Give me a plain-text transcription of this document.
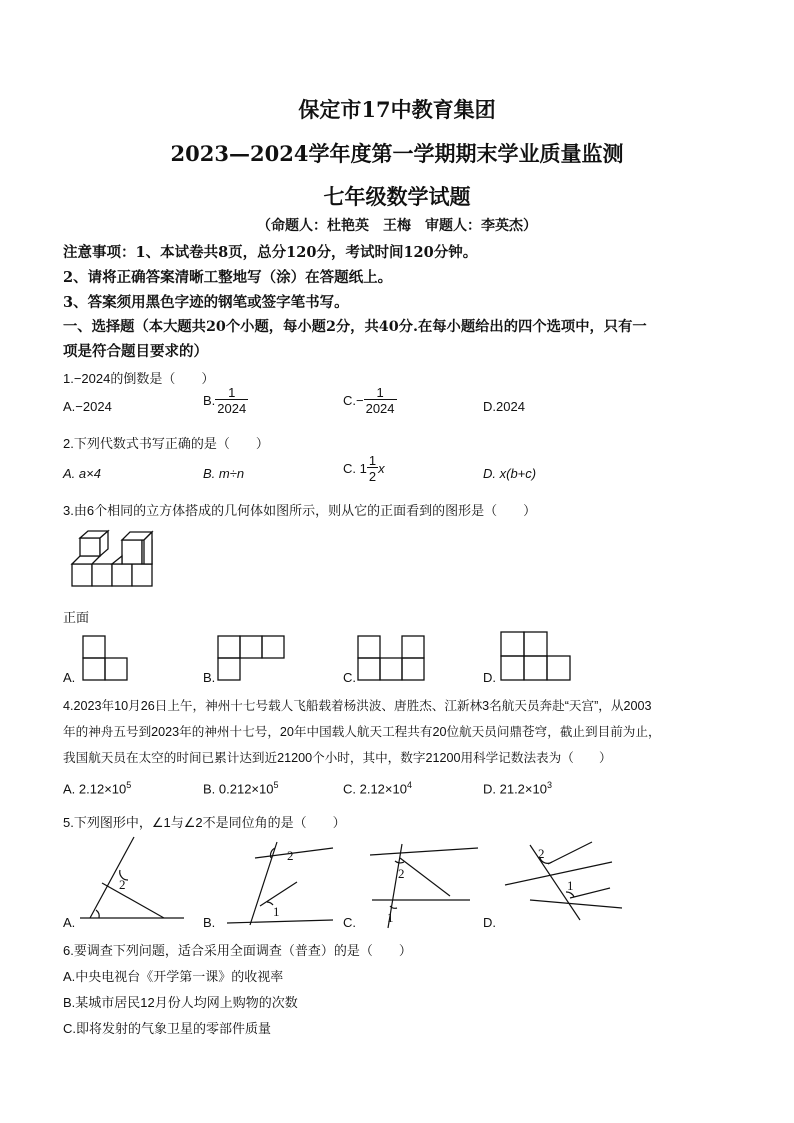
保定市17中教育集团
2023—2024学年度第一学期期末学业质量监测
七年级数学试题
（命题人：杜艳英　王梅　审题人：李英杰）
注意事项：1、本试卷共8页，总分120分，考试时间120分钟。
2、请将正确答案清晰工整地写（涂）在答题纸上。
3、答案须用黑色字迹的钢笔或签字笔书写。
一、选择题（本大题共20个小题，每小题2分，共40分.在每小题给出的四个选项中，只有一
项是符合题目要求的）
1.−2024的倒数是（　　）
A.−2024	B. $\frac{1}{2024}$	$C.- \frac{1}{2024}$	D.2024
2.下列代数式书写正确的是（　　）
A. a×4	B. m÷n	C. $1 \frac{1}{2}$ x	D. x(b+c)
3.由6个相同的立方体搭成的几何体如图所示，则从它的正面看到的图形是（　　）
正面
A.	B.	C.	D.
4.2023年10月26日上午，神州十七号载人飞船载着杨洪波、唐胜杰、江新林3名航天员奔赴“天宫”，从2003
年的神舟五号到2023年的神州十七号，20年中国载人航天工程共有20位航天员问鼎苍穹，截止到目前为止，
我国航天员在太空的时间已累计达到近21200个小时，其中，数字21200用科学记数法表为（　　）
A. $2.12\times 10^5$	B. $0.212\times 10^5$	C. $2.12\times 10^4$	D. $21.2\times 10^3$
5.下列图形中，∠1与∠2不是同位角的是（　　）
A.
2
B.
2
1
C.
2
1	D.
2
1
6.要调查下列问题，适合采用全面调查（普查）的是（　　）
A.中央电视台《开学第一课》的收视率
B.某城市居民12月份人均网上购物的次数
C.即将发射的气象卫星的零部件质量
